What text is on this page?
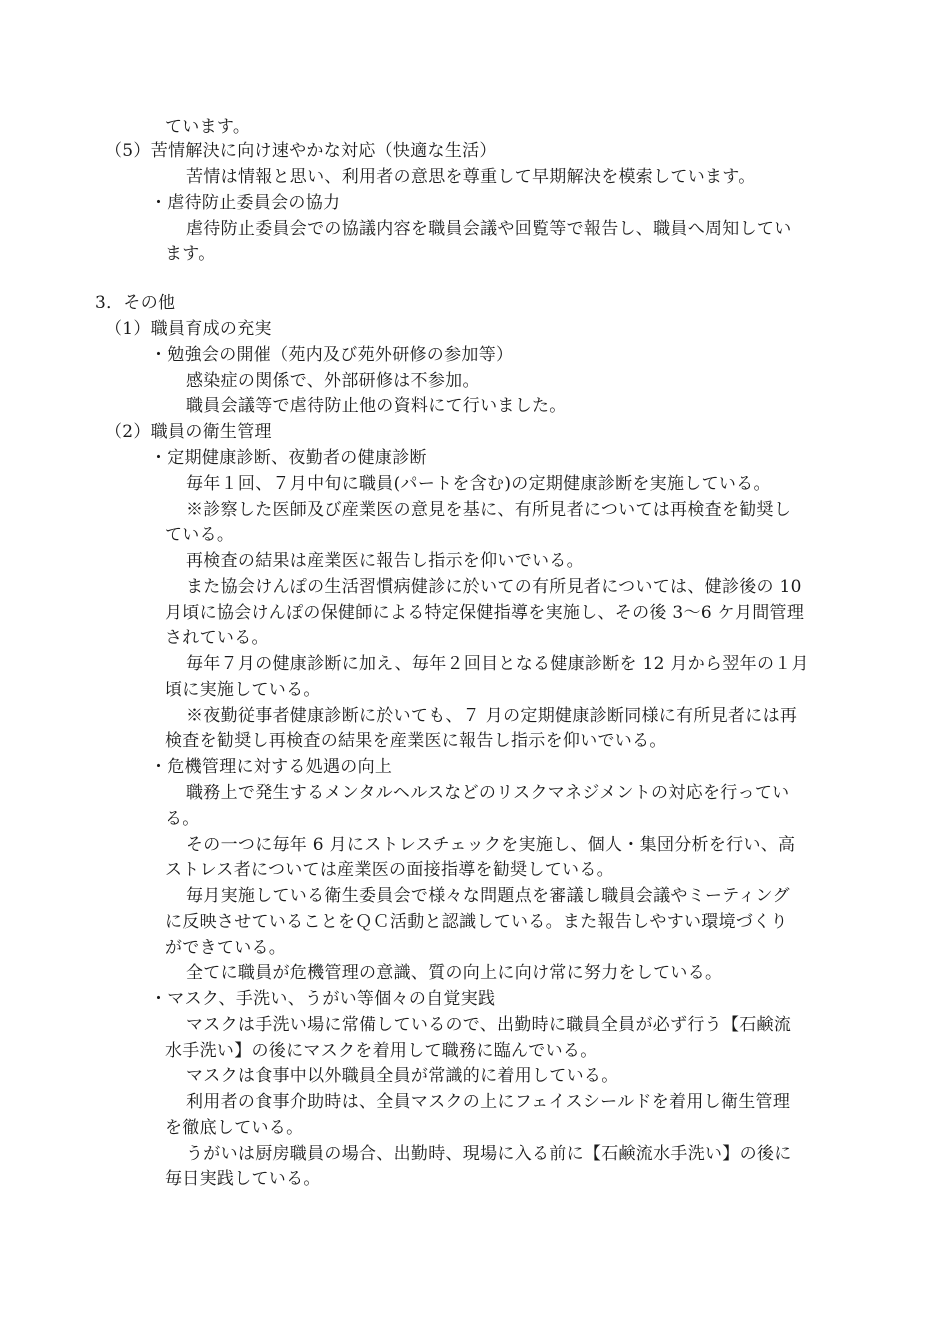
ています。
（5）苦情解決に向け速やかな対応（快適な生活）
苦情は情報と思い、利用者の意思を尊重して早期解決を模索しています。
・虐待防止委員会の協力
虐待防止委員会での協議内容を職員会議や回覧等で報告し、職員へ周知してい
ます。
3．その他
（1）職員育成の充実
・勉強会の開催（苑内及び苑外研修の参加等）
感染症の関係で、外部研修は不参加。
職員会議等で虐待防止他の資料にて行いました。
（2）職員の衛生管理
・定期健康診断、夜勤者の健康診断
毎年１回、７月中旬に職員(パートを含む)の定期健康診断を実施している。
※診察した医師及び産業医の意見を基に、有所見者については再検査を勧奨し
ている。
再検査の結果は産業医に報告し指示を仰いでいる。
また協会けんぽの生活習慣病健診に於いての有所見者については、健診後の 10
月頃に協会けんぽの保健師による特定保健指導を実施し、その後 3〜6 ケ月間管理
されている。
毎年７月の健康診断に加え、毎年２回目となる健康診断を 12 月から翌年の１月
頃に実施している。
※夜勤従事者健康診断に於いても、７ 月の定期健康診断同様に有所見者には再
検査を勧奨し再検査の結果を産業医に報告し指示を仰いでいる。
・危機管理に対する処遇の向上
職務上で発生するメンタルヘルスなどのリスクマネジメントの対応を行ってい
る。
その一つに毎年 6 月にストレスチェックを実施し、個人・集団分析を行い、高
ストレス者については産業医の面接指導を勧奨している。
毎月実施している衛生委員会で様々な問題点を審議し職員会議やミーティング
に反映させていることをＱＣ活動と認識している。また報告しやすい環境づくり
ができている。
全てに職員が危機管理の意識、質の向上に向け常に努力をしている。
・マスク、手洗い、うがい等個々の自覚実践
マスクは手洗い場に常備しているので、出勤時に職員全員が必ず行う【石鹸流
水手洗い】の後にマスクを着用して職務に臨んでいる。
マスクは食事中以外職員全員が常識的に着用している。
利用者の食事介助時は、全員マスクの上にフェイスシールドを着用し衛生管理
を徹底している。
うがいは厨房職員の場合、出勤時、現場に入る前に【石鹸流水手洗い】の後に
毎日実践している。
